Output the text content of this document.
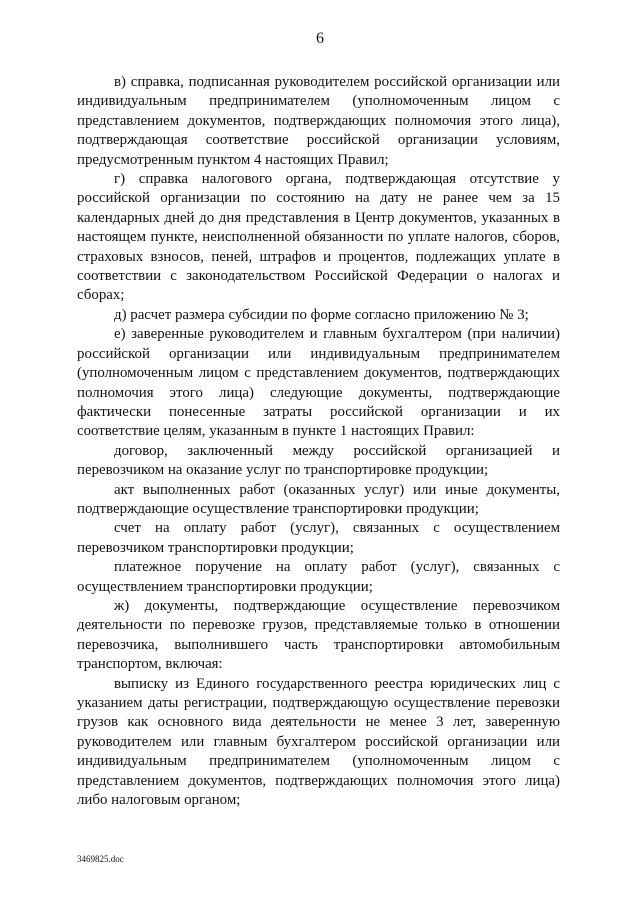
6

в) справка, подписанная руководителем российской организации или индивидуальным предпринимателем (уполномоченным лицом с представлением документов, подтверждающих полномочия этого лица), подтверждающая соответствие российской организации условиям, предусмотренным пунктом 4 настоящих Правил;

г) справка налогового органа, подтверждающая отсутствие у российской организации по состоянию на дату не ранее чем за 15 календарных дней до дня представления в Центр документов, указанных в настоящем пункте, неисполненной обязанности по уплате налогов, сборов, страховых взносов, пеней, штрафов и процентов, подлежащих уплате в соответствии с законодательством Российской Федерации о налогах и сборах;

д) расчет размера субсидии по форме согласно приложению № 3;

е) заверенные руководителем и главным бухгалтером (при наличии) российской организации или индивидуальным предпринимателем (уполномоченным лицом с представлением документов, подтверждающих полномочия этого лица) следующие документы, подтверждающие фактически понесенные затраты российской организации и их соответствие целям, указанным в пункте 1 настоящих Правил:

договор, заключенный между российской организацией и перевозчиком на оказание услуг по транспортировке продукции;

акт выполненных работ (оказанных услуг) или иные документы, подтверждающие осуществление транспортировки продукции;

счет на оплату работ (услуг), связанных с осуществлением перевозчиком транспортировки продукции;

платежное поручение на оплату работ (услуг), связанных с осуществлением транспортировки продукции;

ж) документы, подтверждающие осуществление перевозчиком деятельности по перевозке грузов, представляемые только в отношении перевозчика, выполнившего часть транспортировки автомобильным транспортом, включая:

выписку из Единого государственного реестра юридических лиц с указанием даты регистрации, подтверждающую осуществление перевозки грузов как основного вида деятельности не менее 3 лет, заверенную руководителем или главным бухгалтером российской организации или индивидуальным предпринимателем (уполномоченным лицом с представлением документов, подтверждающих полномочия этого лица) либо налоговым органом;

3469825.doc
